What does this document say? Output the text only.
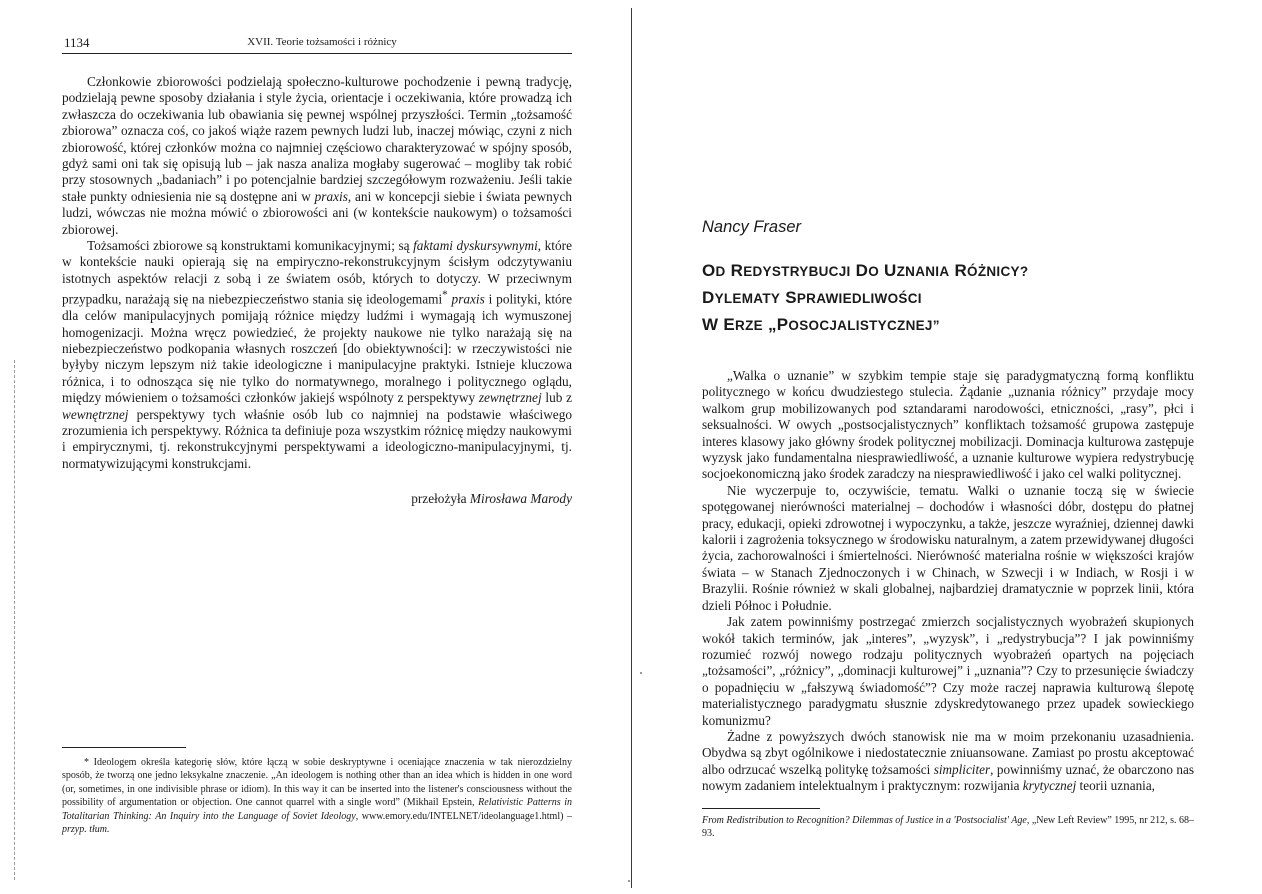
1134	XVII. Teorie tożsamości i różnicy

Członkowie zbiorowości podzielają społeczno-kulturowe pochodzenie i pewną tradycję, podzielają pewne sposoby działania i style życia, orientacje i oczekiwania, które prowadzą ich zwłaszcza do oczekiwania lub obawiania się pewnej wspólnej przyszłości. Termin „tożsamość zbiorowa” oznacza coś, co jakoś wiąże razem pewnych ludzi lub, inaczej mówiąc, czyni z nich zbiorowość, której członków można co najmniej częściowo charakteryzować w spójny sposób, gdyż sami oni tak się opisują lub – jak nasza analiza mogłaby sugerować – mogliby tak robić przy stosownych „badaniach” i po potencjalnie bardziej szczegółowym rozważeniu. Jeśli takie stałe punkty odniesienia nie są dostępne ani w praxis, ani w koncepcji siebie i świata pewnych ludzi, wówczas nie można mówić o zbiorowości ani (w kontekście naukowym) o tożsamości zbiorowej.

Tożsamości zbiorowe są konstruktami komunikacyjnymi; są faktami dyskursywnymi, które w kontekście nauki opierają się na empiryczno-rekonstrukcyjnym ścisłym odczytywaniu istotnych aspektów relacji z sobą i ze światem osób, których to dotyczy. W przeciwnym przypadku, narażają się na niebezpieczeństwo stania się ideologemami* praxis i polityki, które dla celów manipulacyjnych pomijają różnice między ludźmi i wymagają ich wymuszonej homogenizacji. Można wręcz powiedzieć, że projekty naukowe nie tylko narażają się na niebezpieczeństwo podkopania własnych roszczeń [do obiektywności]: w rzeczywistości nie byłyby niczym lepszym niż takie ideologiczne i manipulacyjne praktyki. Istnieje kluczowa różnica, i to odnosząca się nie tylko do normatywnego, moralnego i politycznego oglądu, między mówieniem o tożsamości członków jakiejś wspólnoty z perspektywy zewnętrznej lub z wewnętrznej perspektywy tych właśnie osób lub co najmniej na podstawie właściwego zrozumienia ich perspektywy. Różnica ta definiuje poza wszystkim różnicę między naukowymi i empirycznymi, tj. rekonstrukcyjnymi perspektywami a ideologiczno-manipulacyjnymi, tj. normatywizującymi konstrukcjami.

przełożyła Mirosława Marody
* Ideologem określa kategorię słów, które łączą w sobie deskryptywne i oceniające znaczenia w tak nierozdzielny sposób, że tworzą one jedno leksykalne znaczenie. „An ideologem is nothing other than an idea which is hidden in one word (or, sometimes, in one indivisible phrase or idiom). In this way it can be inserted into the listener's consciousness without the possibility of argumentation or objection. One cannot quarrel with a single word” (Mikhail Epstein, Relativistic Patterns in Totalitarian Thinking: An Inquiry into the Language of Soviet Ideology, www.emory.edu/INTELNET/ideolanguage1.html) – przyp. tłum.
Nancy Fraser
OD REDYSTRYBUCJI DO UZNANIA RÓŻNICY?
DYLEMATY SPRAWIEDLIWOŚCI
W ERZE „POSOCJALISTYCZNEJ”

„Walka o uznanie” w szybkim tempie staje się paradygmatyczną formą konfliktu politycznego w końcu dwudziestego stulecia. Żądanie „uznania różnicy” przydaje mocy walkom grup mobilizowanych pod sztandarami narodowości, etniczności, „rasy”, płci i seksualności. W owych „postsocjalistycznych” konfliktach tożsamość grupowa zastępuje interes klasowy jako główny środek politycznej mobilizacji. Dominacja kulturowa zastępuje wyzysk jako fundamentalna niesprawiedliwość, a uznanie kulturowe wypiera redystrybucję socjoekonomiczną jako środek zaradczy na niesprawiedliwość i jako cel walki politycznej.

Nie wyczerpuje to, oczywiście, tematu. Walki o uznanie toczą się w świecie spotęgowanej nierówności materialnej – dochodów i własności dóbr, dostępu do płatnej pracy, edukacji, opieki zdrowotnej i wypoczynku, a także, jeszcze wyraźniej, dziennej dawki kalorii i zagrożenia toksycznego w środowisku naturalnym, a zatem przewidywanej długości życia, zachorowalności i śmiertelności. Nierówność materialna rośnie w większości krajów świata – w Stanach Zjednoczonych i w Chinach, w Szwecji i w Indiach, w Rosji i w Brazylii. Rośnie również w skali globalnej, najbardziej dramatycznie w poprzek linii, która dzieli Północ i Południe.

Jak zatem powinniśmy postrzegać zmierzch socjalistycznych wyobrażeń skupionych wokół takich terminów, jak „interes”, „wyzysk”, i „redystrybucja”? I jak powinniśmy rozumieć rozwój nowego rodzaju politycznych wyobrażeń opartych na pojęciach „tożsamości”, „różnicy”, „dominacji kulturowej” i „uznania”? Czy to przesunięcie świadczy o popadnięciu w „fałszywą świadomość”? Czy może raczej naprawia kulturową ślepotę materialistycznego paradygmatu słusznie zdyskredytowanego przez upadek sowieckiego komunizmu?

Żadne z powyższych dwóch stanowisk nie ma w moim przekonaniu uzasadnienia. Obydwa są zbyt ogólnikowe i niedostatecznie zniuansowane. Zamiast po prostu akceptować albo odrzucać wszelką politykę tożsamości simpliciter, powinniśmy uznać, że obarczono nas nowym zadaniem intelektualnym i praktycznym: rozwijania krytycznej teorii uznania,

From Redistribution to Recognition? Dilemmas of Justice in a 'Postsocialist' Age, „New Left Review” 1995, nr 212, s. 68–93.
